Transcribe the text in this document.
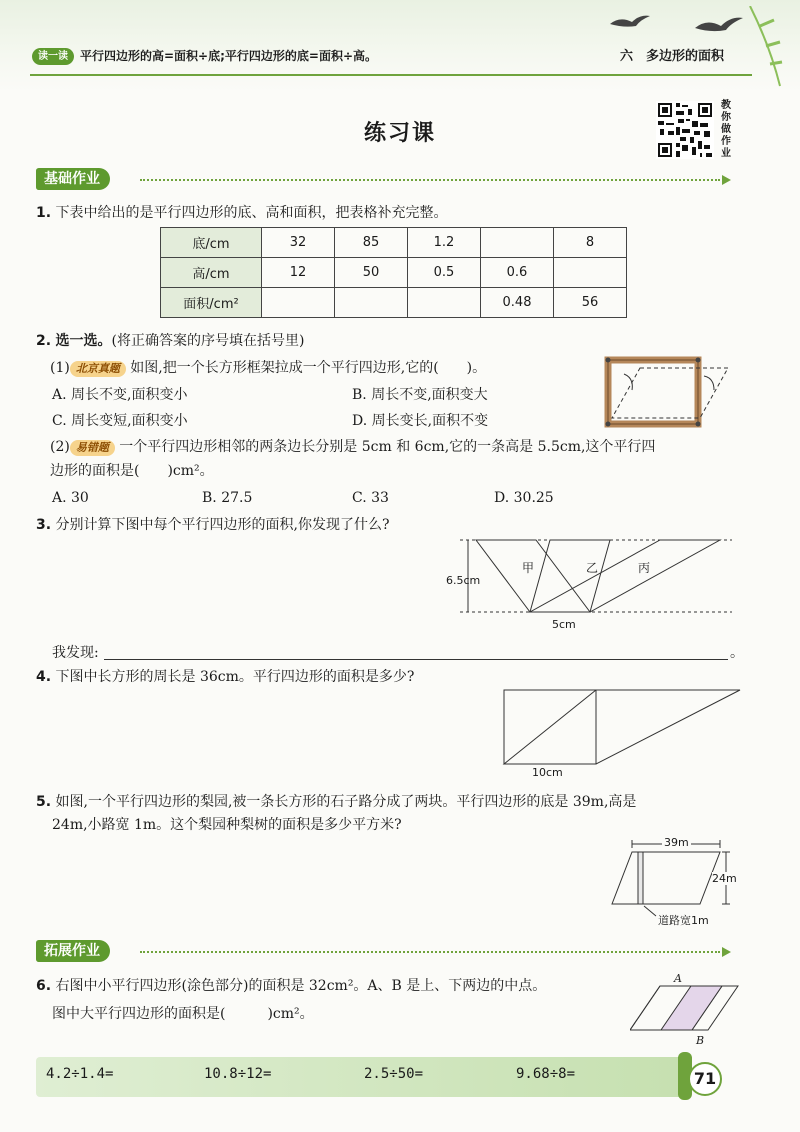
读一读	平行四边形的高=面积÷底;平行四边形的底=面积÷高。	六　多边形的面积
练习课
教你做作业
基础作业
1. 下表中给出的是平行四边形的底、高和面积，把表格补充完整。
底/cm	32	85	1.2		8
高/cm	12	50	0.5	0.6	
面积/cm²				0.48	56
2. 选一选。(将正确答案的序号填在括号里)
(1) 北京真题 如图,把一个长方形框架拉成一个平行四边形,它的(　　)。
A. 周长不变,面积变小	B. 周长不变,面积变大
C. 周长变短,面积变小	D. 周长变长,面积不变
(2) 易错题 一个平行四边形相邻的两条边长分别是 5cm 和 6cm,它的一条高是 5.5cm,这个平行四
边形的面积是(　　)cm²。
A. 30	B. 27.5	C. 33	D. 30.25
3. 分别计算下图中每个平行四边形的面积,你发现了什么?
甲	乙	丙
6.5cm
5cm
我发现:	。
4. 下图中长方形的周长是 36cm。平行四边形的面积是多少?
10cm
5. 如图,一个平行四边形的梨园,被一条长方形的石子路分成了两块。平行四边形的底是 39m,高是
24m,小路宽 1m。这个梨园种梨树的面积是多少平方米?
39m
24m
道路宽1m
拓展作业
6. 右图中小平行四边形(涂色部分)的面积是 32cm²。A、B 是上、下两边的中点。
图中大平行四边形的面积是(　　　)cm²。
A
B
4.2÷1.4=	10.8÷12=	2.5÷50=	9.68÷8=	71
